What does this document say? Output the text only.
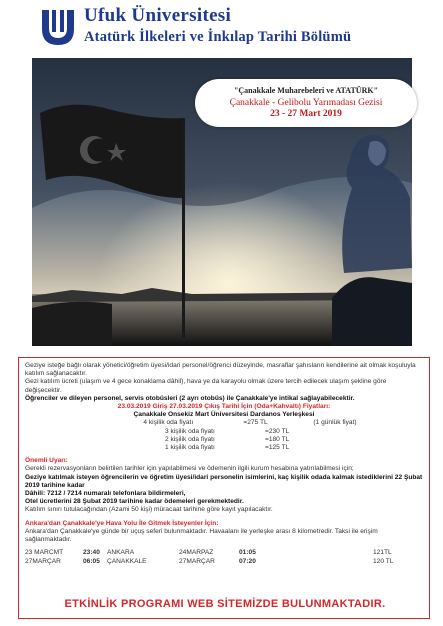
Ufuk Üniversitesi
Atatürk İlkeleri ve İnkılap Tarihi Bölümü
"Çanakkale Muharebeleri ve ATATÜRK"
Çanakkale - Gelibolu Yarımadası Gezisi
23 - 27 Mart 2019

Geziye isteğe bağlı olarak yönetici/öğretim üyesi/idari personel/öğrenci düzeyinde, masraflar şahısların kendilerine ait olmak koşuluyla katılım sağlanacaktır.

Gezi katılım ücreti (ulaşım ve 4 gece konaklama dâhil), hava ye da karayolu olmak üzere tercih edilecek ulaşım şekline göre değişecektir.

Öğrenciler ve dileyen personel, servis otobüsleri (2 ayrı otobüs) ile Çanakkale'ye intikal sağlayabilecektir.

23.03.2019 Giriş 27.03.2019 Çıkış Tarihi İçin (Oda+Kahvaltı) Fiyatları:

Çanakkale Onsekiz Mart Üniversitesi Dardanos Yerleşkesi

4 kişilik oda fiyatı	=275 TL	(1 günlük fiyat)
3 kişilik oda fiyatı	=230 TL
2 kişilik oda fiyatı	=180 TL
1 kişilik oda fiyatı	=125 TL

Önemli Uyarı:

Gerekli rezervasyonların belirtilen tarihler için yapılabilmesi ve ödemenin ilgili kurum hesabına yatırılabilmesi için;

Geziye katılmak isteyen öğrencilerin ve öğretim üyesi/idari personelin isimlerini, kaç kişilik odada kalmak istediklerini 22 Şubat 2019 tarihine kadar

Dâhili: 7212 / 7214 numaralı telefonlara bildirmeleri,

Otel ücretlerini 28 Şubat 2019 tarihine kadar ödemeleri gerekmektedir.

Katılım sınırı tutulacağından (Azami 50 kişi) müracaat tarihine göre kayıt yapılacaktır.

Ankara'dan Çanakkale'ye Hava Yolu İle Gitmek İsteyenler İçin:

Ankara'dan Çanakkale'ye günde bir uçuş seferi bulunmaktadır. Havaalanı ile yerleşke arası 8 kilometredir. Taksi ile erişim sağlanmaktadır.

23 MARCMT	23:40	ANKARA	24MARPAZ	01:05	121TL
27MARÇAR	06:05	ÇANAKKALE	27MARÇAR	07:20	120 TL
ETKİNLİK PROGRAMI WEB SİTEMİZDE BULUNMAKTADIR.
